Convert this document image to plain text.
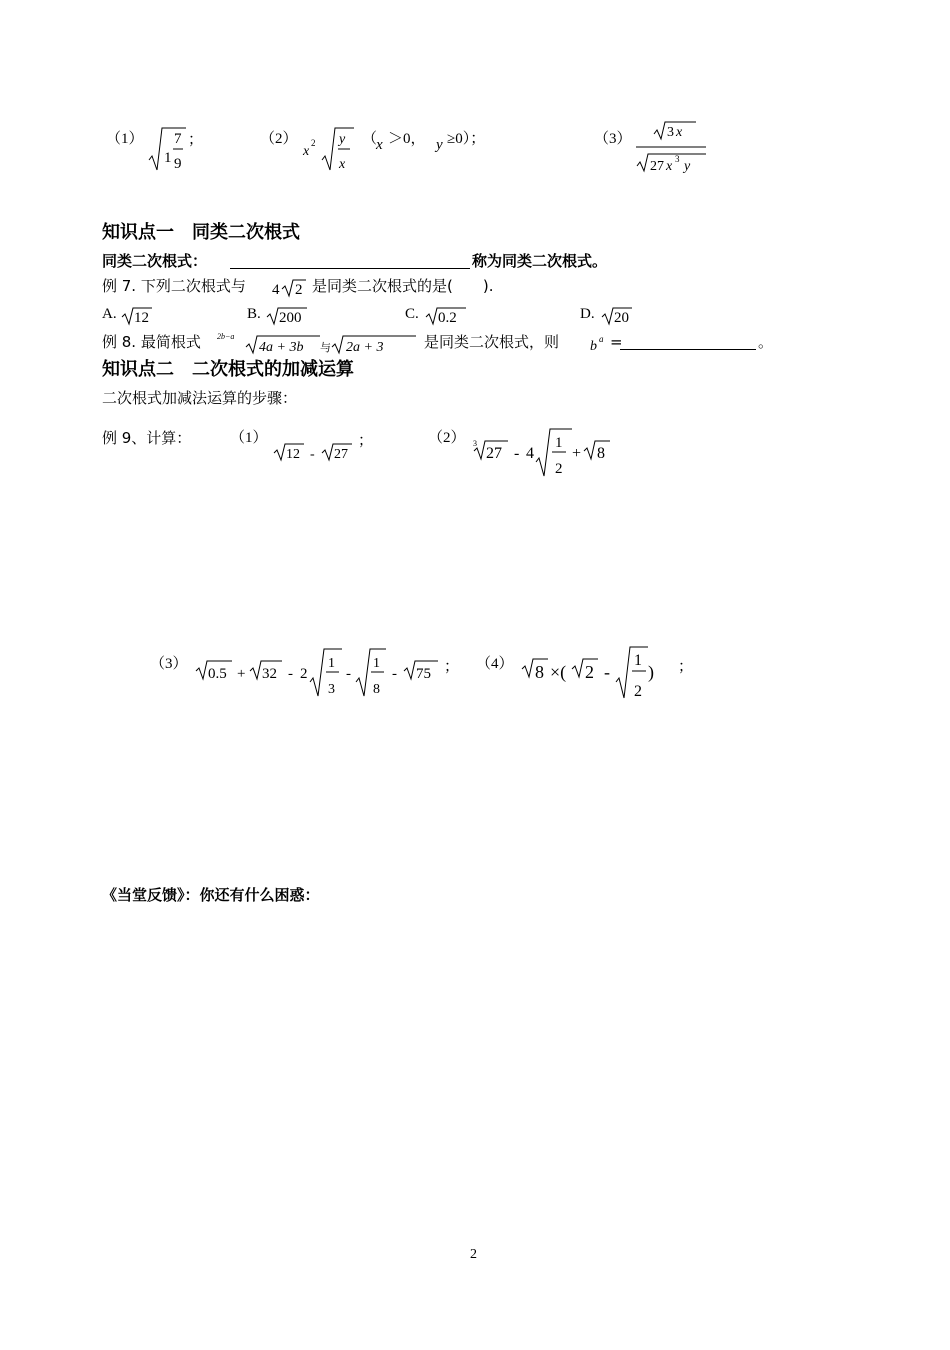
（1）
1
7
9
；	（2）
x
2 y
x
（
x ＞0， y ≥0）；	（3）	3 x
27 x 3 y
知识点一　同类二次根式
同类二次根式：	称为同类二次根式。
例 7. 下列二次根式与 4 2 是同类二次根式的是(　　).
A. 12	B. 200	C. 0.2	D. 20
例 8. 最简根式 2b−a
4a + 3b 与 2a + 3	是同类二次根式，则 b a =	。
知识点二　二次根式的加减运算
二次根式加减法运算的步骤：
例 9、计算：	（1）
12 - 27
；	（2） 3
27 - 4
1
2
+ 8
（3）
0.5 + 32 - 2
1
3
-
1
8
- 75 ； （4） 8 ×( 2 -
1
2
) ；
《当堂反馈》：你还有什么困惑：
2
